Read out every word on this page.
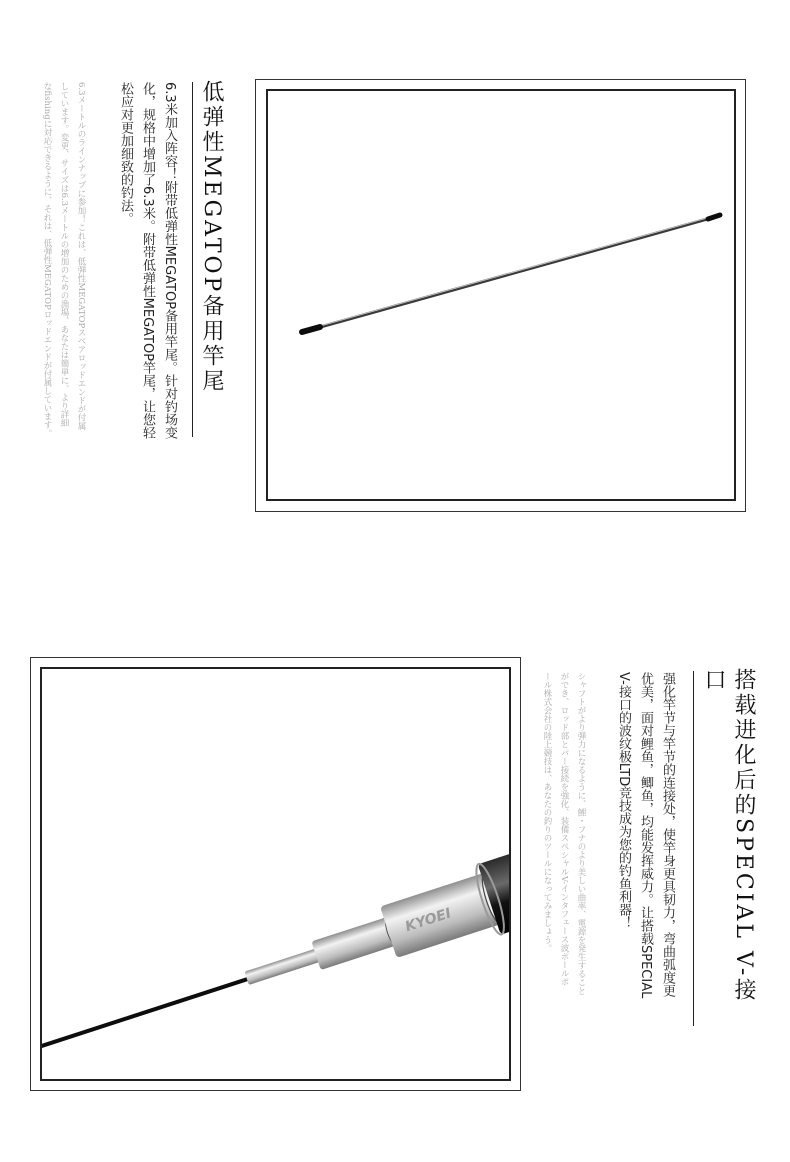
低弹性MEGATOP备用竿尾
6.3米加入阵容！附带低弹性MEGATOP备用竿尾。针对钓场变
化，规格中增加了6.3米。附带低弹性MEGATOP竿尾，让您轻
松应对更加细致的钓法。
6.3メートルのラインナップに参加！これは、低弾性MEGATOPスペアロッドエンドが付属
しています。変更、サイズは6.3メートルの増加のための漁場、あなたは簡単に、より詳細
なfishingに対応できるように、それは、低弾性MEGATOPロッドエンドが付属しています。
搭载进化后的SPECIAL V-接口
强化竿节与竿节的连接处，使竿身更具韧力，弯曲弧度更
优美，面对鲤鱼，鲫鱼，均能发挥威力。让搭载SPECIAL
V-接口的波纹极LTD竞技成为您的钓鱼利器！
シャフトがより弾力になるように、鯉・フナのより美しい曲率、電源を発生すること
ができ、ロッド部とパー接続を強化、装備スペシャルV-インタフェース波ポールポ
ール株式会社の陸上競技は、あなたの釣りのツールになってみましょう。
KYOEI
